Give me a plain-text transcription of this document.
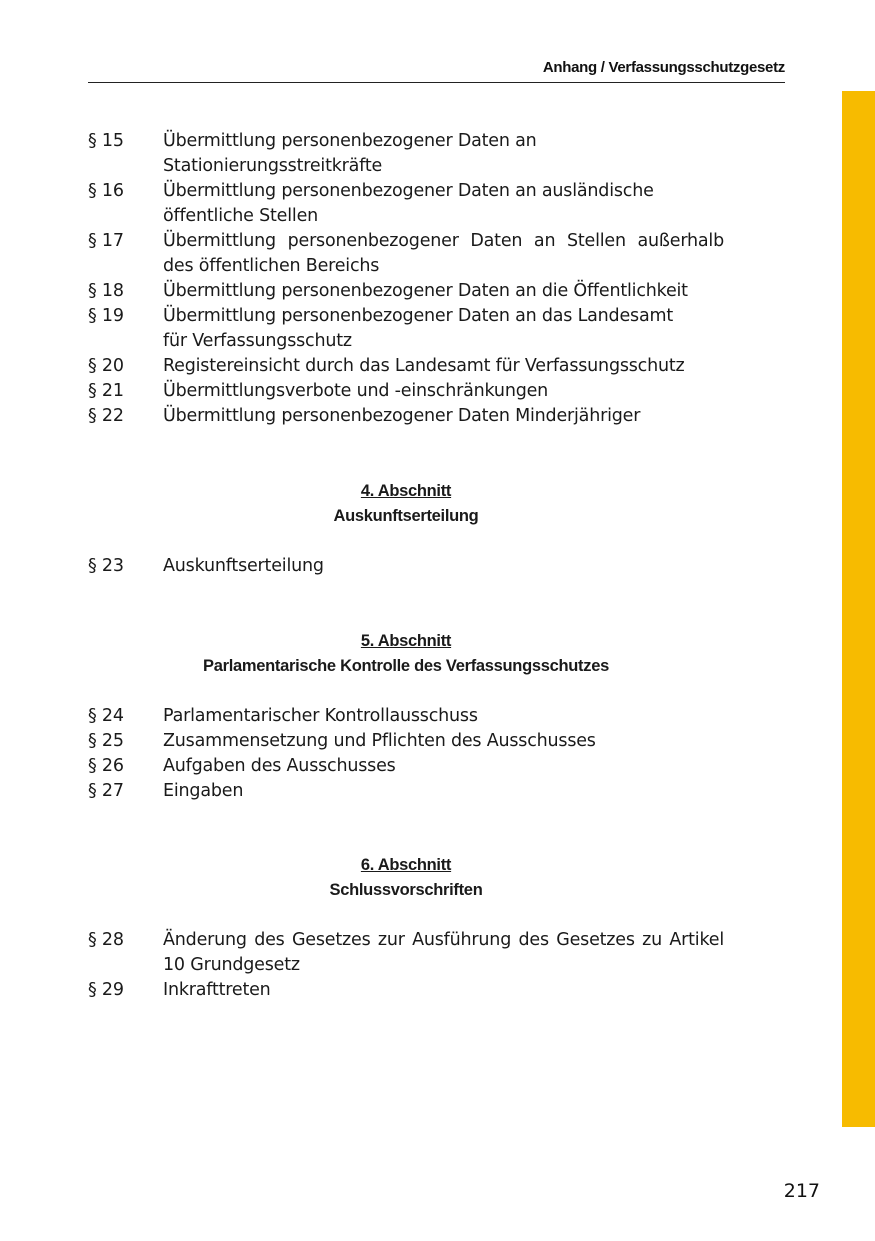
Anhang / Verfassungsschutzgesetz
§ 15	Übermittlung personenbezogener Daten an Stationierungsstreitkräfte
§ 16	Übermittlung personenbezogener Daten an ausländische öffentliche Stellen
§ 17	Übermittlung personenbezogener Daten an Stellen außerhalb des öffentlichen Bereichs
§ 18	Übermittlung personenbezogener Daten an die Öffentlichkeit
§ 19	Übermittlung personenbezogener Daten an das Landesamt für Verfassungsschutz
§ 20	Registereinsicht durch das Landesamt für Verfassungsschutz
§ 21	Übermittlungsverbote und -einschränkungen
§ 22	Übermittlung personenbezogener Daten Minderjähriger
4. Abschnitt
Auskunftserteilung
§ 23	Auskunftserteilung
5. Abschnitt
Parlamentarische Kontrolle des Verfassungsschutzes
§ 24	Parlamentarischer Kontrollausschuss
§ 25	Zusammensetzung und Pflichten des Ausschusses
§ 26	Aufgaben des Ausschusses
§ 27	Eingaben
6. Abschnitt
Schlussvorschriften
§ 28	Änderung des Gesetzes zur Ausführung des Gesetzes zu Artikel 10 Grundgesetz
§ 29	Inkrafttreten
217
